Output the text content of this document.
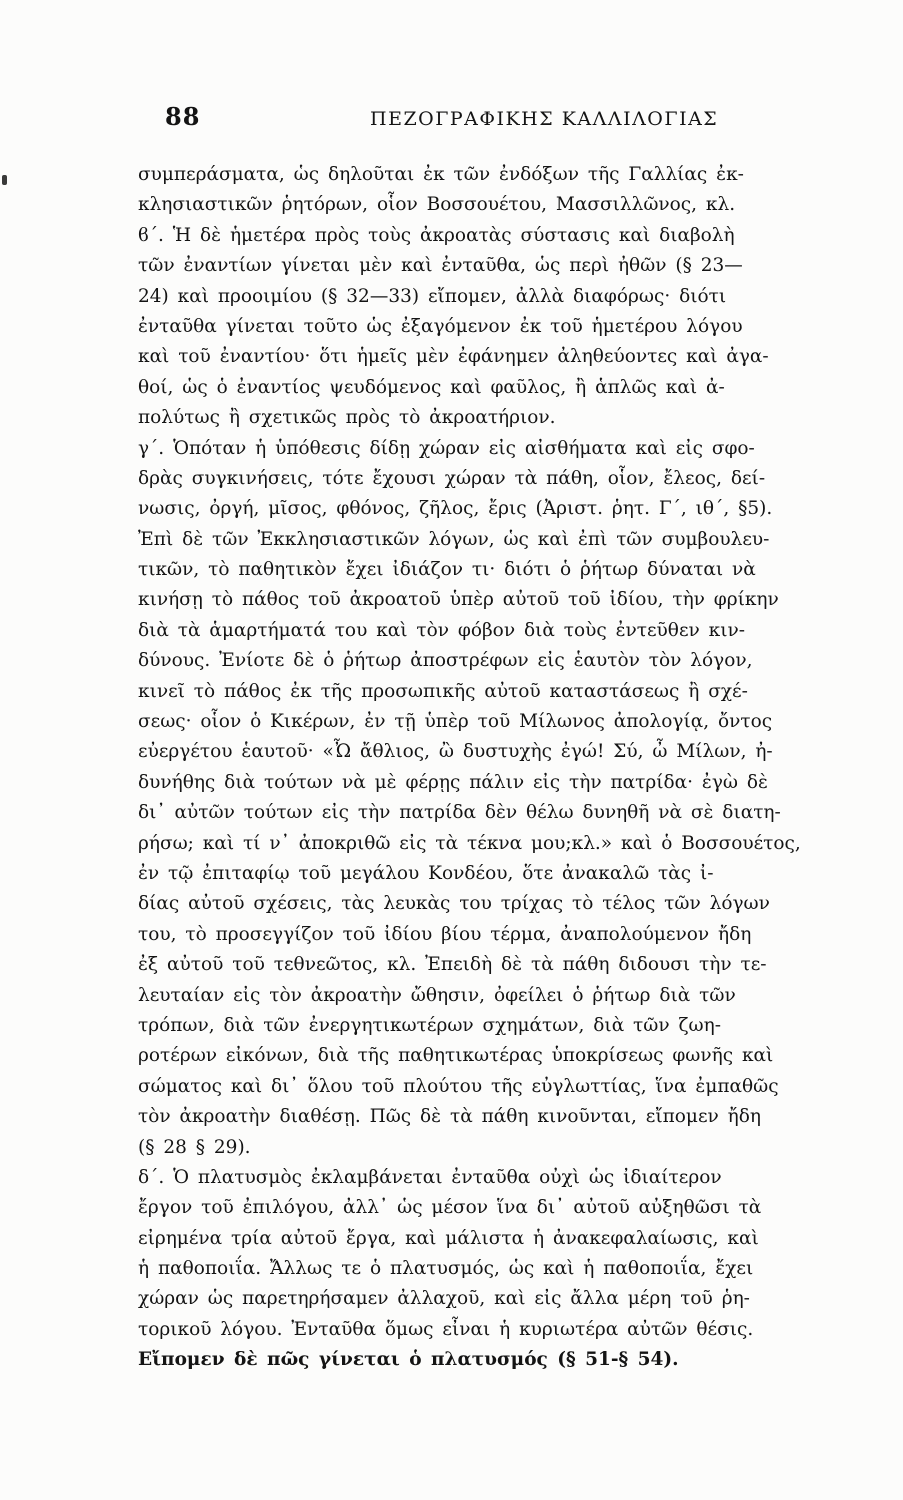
88	ΠΕΖΟΓΡΑΦΙΚΗΣ ΚΑΛΛΙΛΟΓΙΑΣ
συμπεράσματα, ὡς δηλοῦται ἐκ τῶν ἐνδόξων τῆς Γαλλίας ἐκ-
κλησιαστικῶν ῥητόρων, οἷον Βοσσουέτου, Μασσιλλῶνος, κλ.
ϐ΄. Ἡ δὲ ἡμετέρα πρὸς τοὺς ἀκροατὰς σύστασις καὶ διαβολὴ
τῶν ἐναντίων γίνεται μὲν καὶ ἐνταῦθα, ὡς περὶ ἠθῶν (§ 23—
24) καὶ προοιμίου (§ 32—33) εἴπομεν, ἀλλὰ διαφόρως· διότι
ἐνταῦθα γίνεται τοῦτο ὡς ἐξαγόμενον ἐκ τοῦ ἡμετέρου λόγου
καὶ τοῦ ἐναντίου· ὅτι ἡμεῖς μὲν ἐφάνημεν ἀληθεύοντες καὶ ἀγα-
θοί, ὡς ὁ ἐναντίος ψευδόμενος καὶ φαῦλος, ἢ ἁπλῶς καὶ ἀ-
πολύτως ἢ σχετικῶς πρὸς τὸ ἀκροατήριον.
γ΄. Ὁπόταν ἡ ὑπόθεσις δίδῃ χώραν εἰς αἰσθήματα καὶ εἰς σφο-
δρὰς συγκινήσεις, τότε ἔχουσι χώραν τὰ πάθη, οἷον, ἔλεος, δεί-
νωσις, ὀργή, μῖσος, φθόνος, ζῆλος, ἔρις (Ἀριστ. ῥητ. Γ΄, ιθ΄, §5).
Ἐπὶ δὲ τῶν Ἐκκλησιαστικῶν λόγων, ὡς καὶ ἐπὶ τῶν συμβουλευ-
τικῶν, τὸ παθητικὸν ἔχει ἰδιάζον τι· διότι ὁ ῥήτωρ δύναται νὰ
κινήσῃ τὸ πάθος τοῦ ἀκροατοῦ ὑπὲρ αὐτοῦ τοῦ ἰδίου, τὴν φρίκην
διὰ τὰ ἁμαρτήματά του καὶ τὸν φόβον διὰ τοὺς ἐντεῦθεν κιν-
δύνους. Ἐνίοτε δὲ ὁ ῥήτωρ ἀποστρέφων εἰς ἑαυτὸν τὸν λόγον,
κινεῖ τὸ πάθος ἐκ τῆς προσωπικῆς αὐτοῦ καταστάσεως ἢ σχέ-
σεως· οἷον ὁ Κικέρων, ἐν τῇ ὑπὲρ τοῦ Μίλωνος ἀπολογίᾳ, ὄντος
εὐεργέτου ἑαυτοῦ· «Ὦ ἄθλιος, ὢ δυστυχὴς ἐγώ! Σύ, ὦ Μίλων, ἠ-
δυνήθης διὰ τούτων νὰ μὲ φέρῃς πάλιν εἰς τὴν πατρίδα· ἐγὼ δὲ
δι᾽ αὐτῶν τούτων εἰς τὴν πατρίδα δὲν θέλω δυνηθῆ νὰ σὲ διατη-
ρήσω; καὶ τί ν᾽ ἀποκριθῶ εἰς τὰ τέκνα μου;κλ.» καὶ ὁ Βοσσουέτος,
ἐν τῷ ἐπιταφίῳ τοῦ μεγάλου Κονδέου, ὅτε ἀνακαλῶ τὰς ἰ-
δίας αὐτοῦ σχέσεις, τὰς λευκὰς του τρίχας τὸ τέλος τῶν λόγων
του, τὸ προσεγγίζον τοῦ ἰδίου βίου τέρμα, ἀναπολούμενον ἤδη
ἐξ αὐτοῦ τοῦ τεθνεῶτος, κλ. Ἐπειδὴ δὲ τὰ πάθη διδουσι τὴν τε-
λευταίαν εἰς τὸν ἀκροατὴν ὤθησιν, ὀφείλει ὁ ῥήτωρ διὰ τῶν
τρόπων, διὰ τῶν ἐνεργητικωτέρων σχημάτων, διὰ τῶν ζωη-
ροτέρων εἰκόνων, διὰ τῆς παθητικωτέρας ὑποκρίσεως φωνῆς καὶ
σώματος καὶ δι᾽ ὅλου τοῦ πλούτου τῆς εὐγλωττίας, ἵνα ἐμπαθῶς
τὸν ἀκροατὴν διαθέσῃ. Πῶς δὲ τὰ πάθη κινοῦνται, εἴπομεν ἤδη
(§ 28 § 29).
δ΄. Ὁ πλατυσμὸς ἐκλαμβάνεται ἐνταῦθα οὐχὶ ὡς ἰδιαίτερον
ἔργον τοῦ ἐπιλόγου, ἀλλ᾽ ὡς μέσον ἵνα δι᾽ αὐτοῦ αὐξηθῶσι τὰ
εἰρημένα τρία αὐτοῦ ἔργα, καὶ μάλιστα ἡ ἀνακεφαλαίωσις, καὶ
ἡ παθοποιΐα. Ἄλλως τε ὁ πλατυσμός, ὡς καὶ ἡ παθοποιΐα, ἔχει
χώραν ὡς παρετηρήσαμεν ἀλλαχοῦ, καὶ εἰς ἄλλα μέρη τοῦ ῥη-
τορικοῦ λόγου. Ἐνταῦθα ὅμως εἶναι ἡ κυριωτέρα αὐτῶν θέσις.
Εἴπομεν δὲ πῶς γίνεται ὁ πλατυσμός (§ 51-§ 54).
